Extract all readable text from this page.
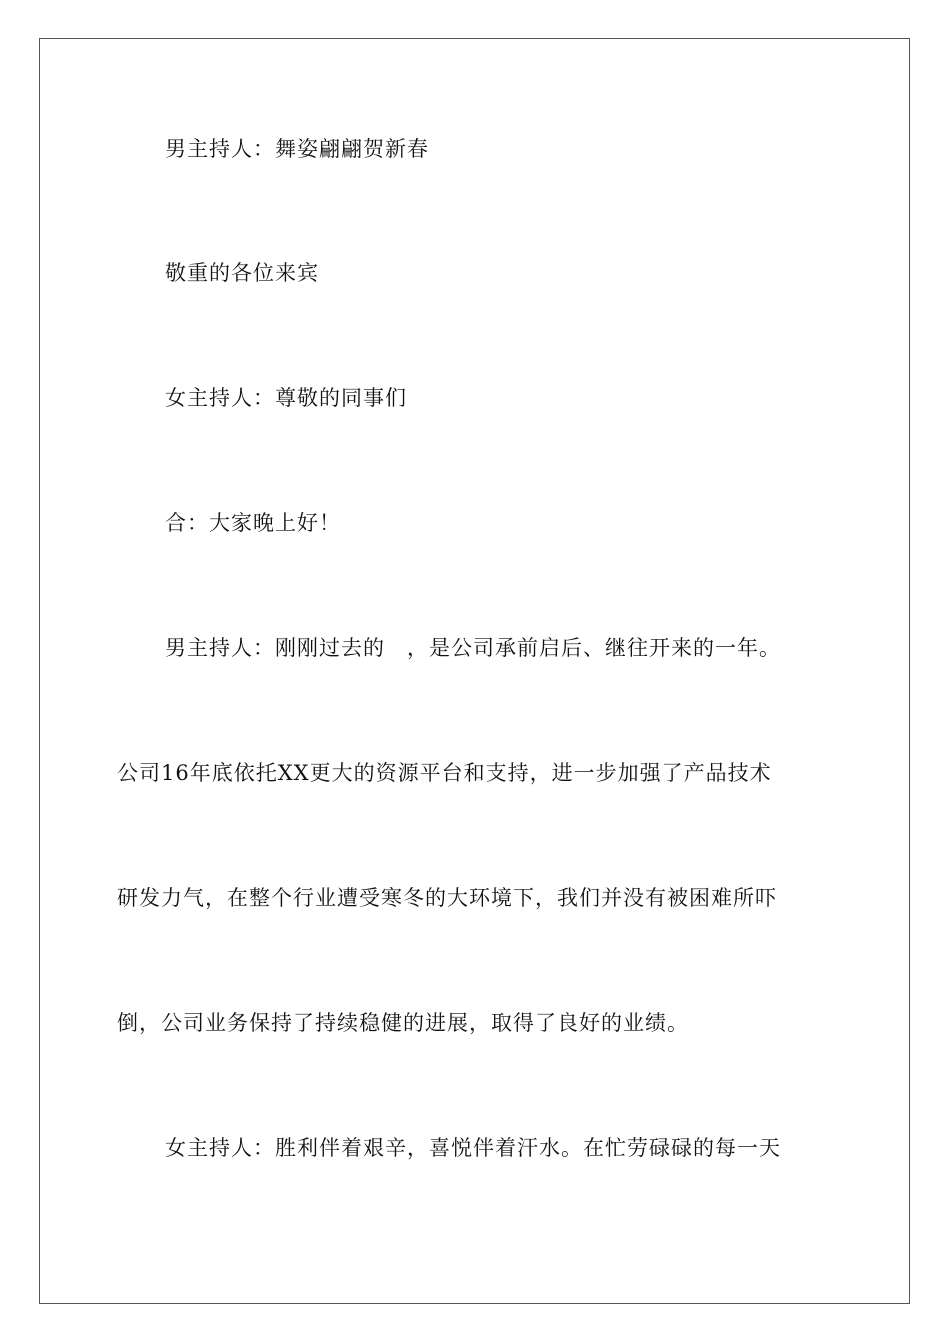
男主持人：舞姿翩翩贺新春
敬重的各位来宾
女主持人：尊敬的同事们
合：大家晚上好！
男主持人：刚刚过去的　，是公司承前启后、继往开来的一年。
公司16年底依托XX更大的资源平台和支持，进一步加强了产品技术
研发力气，在整个行业遭受寒冬的大环境下，我们并没有被困难所吓
倒，公司业务保持了持续稳健的进展，取得了良好的业绩。
女主持人：胜利伴着艰辛，喜悦伴着汗水。在忙劳碌碌的每一天
